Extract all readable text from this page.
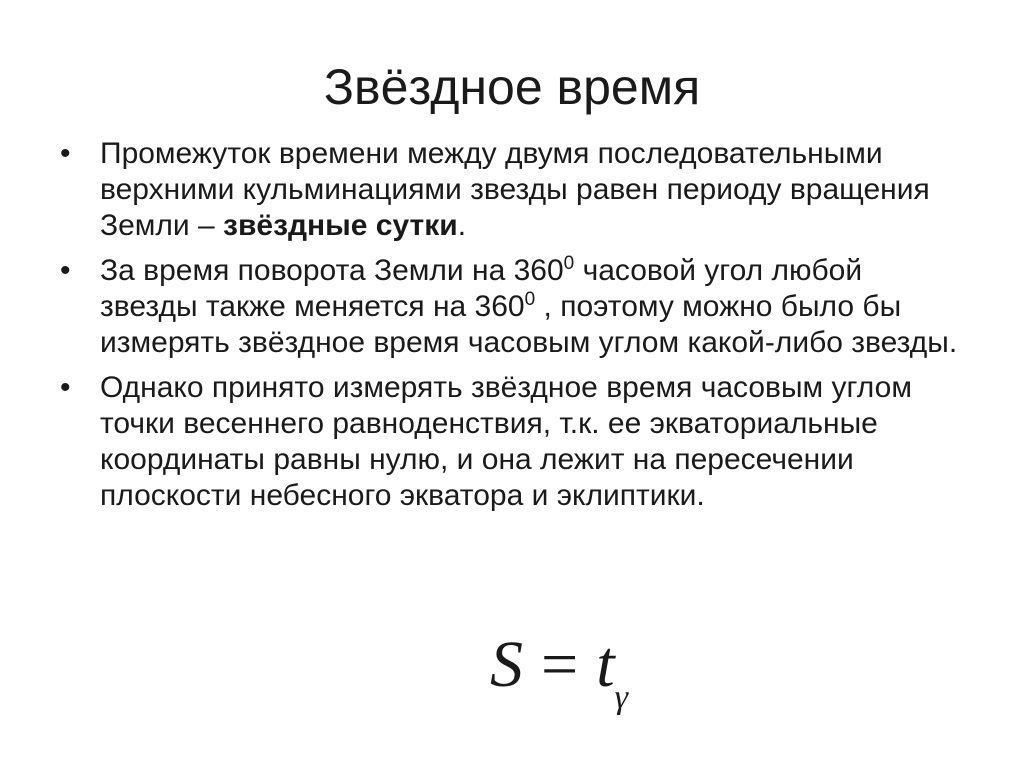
Звёздное время
• Промежуток времени между двумя последовательными верхними кульминациями звезды равен периоду вращения Земли – звёздные сутки.
• За время поворота Земли на $360^0$ часовой угол любой звезды также меняется на $360^0$ , поэтому можно было бы измерять звёздное время часовым углом какой-либо звезды.
• Однако принято измерять звёздное время часовым углом точки весеннего равноденствия, т.к. ее экваториальные координаты равны нулю, и она лежит на пересечении плоскости небесного экватора и эклиптики.
$S = t_\gamma$
